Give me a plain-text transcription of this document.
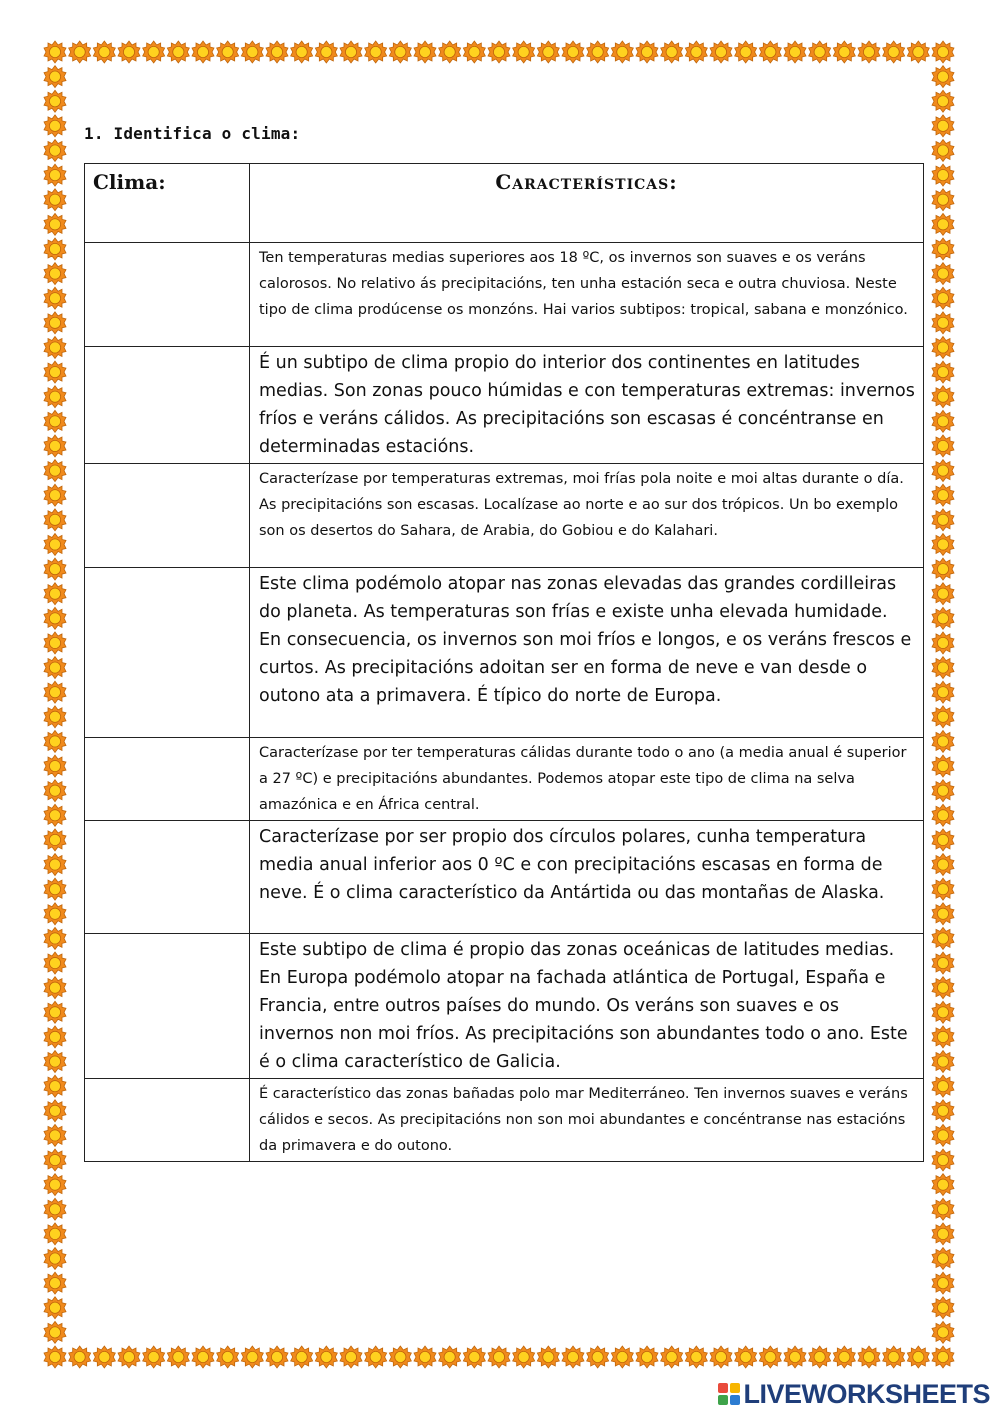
1. Identifica o clima:
Clima:	Características:
	Ten temperaturas medias superiores aos 18 ºC, os invernos son suaves e os veráns calorosos. No relativo ás precipitacións, ten unha estación seca e outra chuviosa. Neste tipo de clima prodúcense os monzóns. Hai varios subtipos: tropical, sabana e monzónico.
	É un subtipo de clima propio do interior dos continentes en latitudes medias. Son zonas pouco húmidas e con temperaturas extremas: invernos fríos e veráns cálidos. As precipitacións son escasas é concéntranse en determinadas estacións.
	Caracterízase por temperaturas extremas, moi frías pola noite e moi altas durante o día. As precipitacións son escasas. Localízase ao norte e ao sur dos trópicos. Un bo exemplo son os desertos do Sahara, de Arabia, do Gobiou e do Kalahari.
	Este clima podémolo atopar nas zonas elevadas das grandes cordilleiras do planeta. As temperaturas son frías e existe unha elevada humidade. En consecuencia, os invernos son moi fríos e longos, e os veráns frescos e curtos. As precipitacións adoitan ser en forma de neve e van desde o outono ata a primavera. É típico do norte de Europa.
	Caracterízase por ter temperaturas cálidas durante todo o ano (a media anual é superior a 27 ºC) e precipitacións abundantes. Podemos atopar este tipo de clima na selva amazónica e en África central.
	Caracterízase por ser propio dos círculos polares, cunha temperatura media anual inferior aos 0 ºC e con precipitacións escasas en forma de neve. É o clima característico da Antártida ou das montañas de Alaska.
	Este subtipo de clima é propio das zonas oceánicas de latitudes medias. En Europa podémolo atopar na fachada atlántica de Portugal, España e Francia, entre outros países do mundo. Os veráns son suaves e os invernos non moi fríos. As precipitacións son abundantes todo o ano. Este é o clima característico de Galicia.
	É característico das zonas bañadas polo mar Mediterráneo. Ten invernos suaves e veráns cálidos e secos. As precipitacións non son moi abundantes e concéntranse nas estacións da primavera e do outono.
LIVEWORKSHEETS
